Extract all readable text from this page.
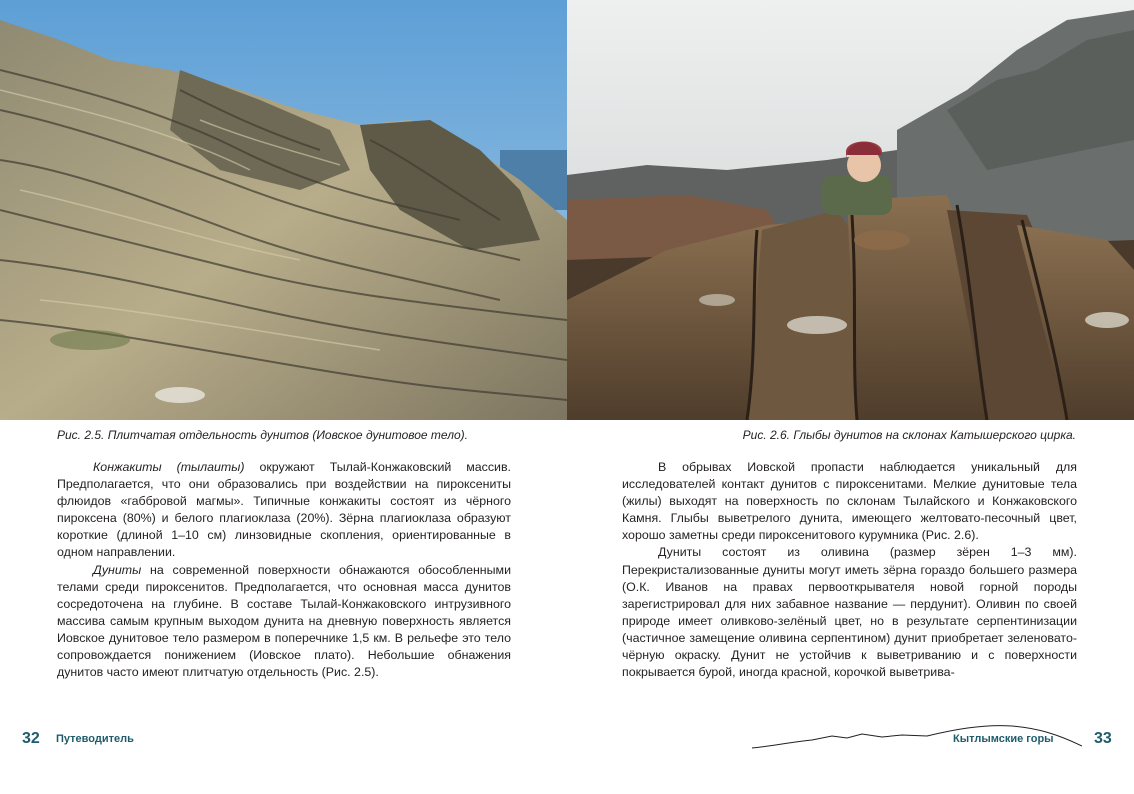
Рис. 2.5. Плитчатая отдельность дунитов (Иовское дунитовое тело).	Рис. 2.6. Глыбы дунитов на склонах Катышерского цирка.

Конжакиты (тылаиты) окружают Тылай-Конжаковский массив. Предполагается, что они образовались при воздействии на пироксениты флюидов «габбровой магмы». Типичные конжакиты состоят из чёрного пироксена (80%) и белого плагиоклаза (20%). Зёрна плагиоклаза образуют короткие (длиной 1–10 см) линзовидные скопления, ориентированные в одном направлении.

Дуниты на современной поверхности обнажаются обособленными телами среди пироксенитов. Предполагается, что основная масса дунитов сосредоточена на глубине. В составе Тылай-Конжаковского интрузивного массива самым крупным выходом дунита на дневную поверхность является Иовское дунитовое тело размером в поперечнике 1,5 км. В рельефе это тело сопровождается понижением (Иовское плато). Небольшие обнажения дунитов часто имеют плитчатую отдельность (Рис. 2.5).

В обрывах Иовской пропасти наблюдается уникальный для исследователей контакт дунитов с пироксенитами. Мелкие дунитовые тела (жилы) выходят на поверхность по склонам Тылайского и Конжаковского Камня. Глыбы выветрелого дунита, имеющего желтовато-песочный цвет, хорошо заметны среди пироксенитового курумника (Рис. 2.6).

Дуниты состоят из оливина (размер зёрен 1–3 мм). Перекристализованные дуниты могут иметь зёрна гораздо большего размера (О.К. Иванов на правах первооткрывателя новой горной породы зарегистрировал для них забавное название — пердунит). Оливин по своей природе имеет оливково-зелёный цвет, но в результате серпентинизации (частичное замещение оливина серпентином) дунит приобретает зеленовато-чёрную окраску. Дунит не устойчив к выветриванию и с поверхности покрывается бурой, иногда красной, корочкой выветрива-

32 Путеводитель	Кытлымские горы	33
